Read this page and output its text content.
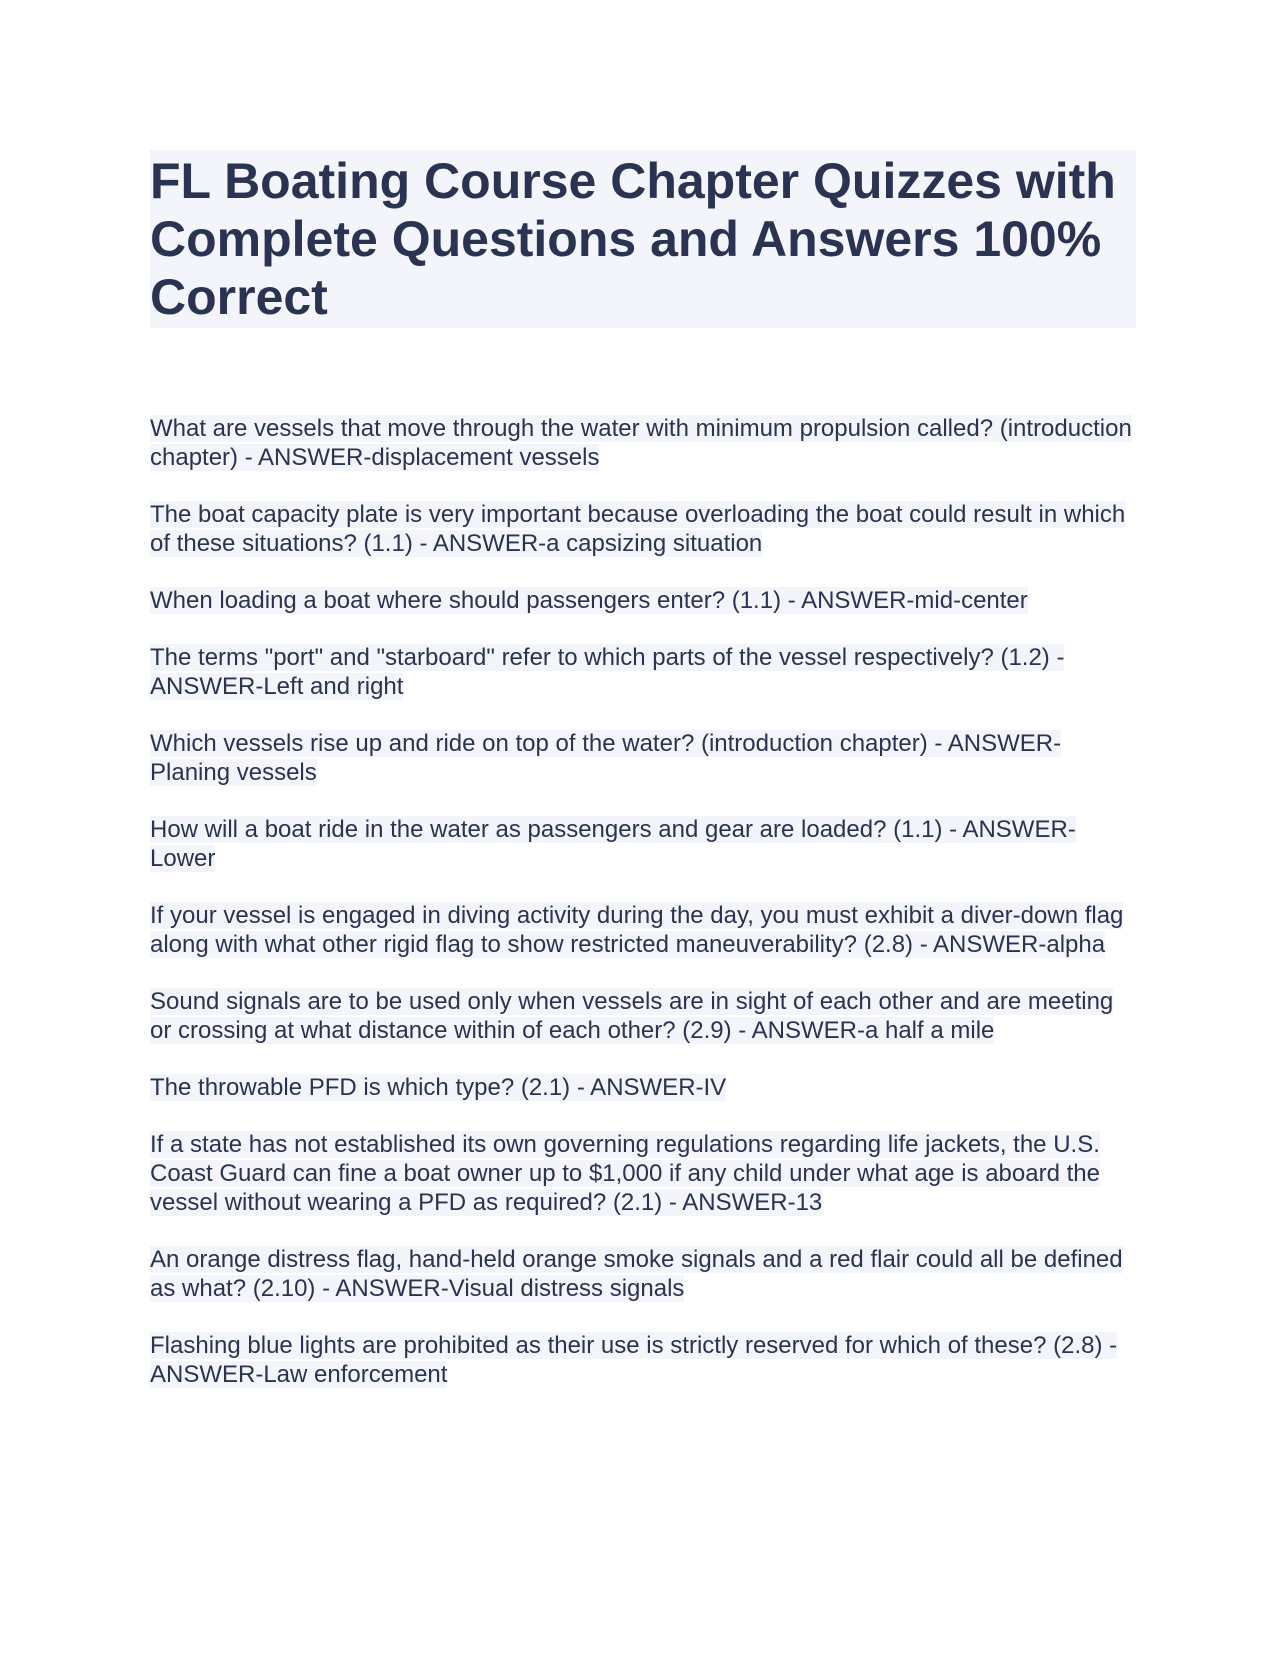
FL Boating Course Chapter Quizzes with Complete Questions and Answers 100% Correct

What are vessels that move through the water with minimum propulsion called? (introduction chapter) - ANSWER-displacement vessels

The boat capacity plate is very important because overloading the boat could result in which of these situations? (1.1) - ANSWER-a capsizing situation

When loading a boat where should passengers enter? (1.1) - ANSWER-mid-center

The terms "port" and "starboard" refer to which parts of the vessel respectively? (1.2) - ANSWER-Left and right

Which vessels rise up and ride on top of the water? (introduction chapter) - ANSWER-Planing vessels

How will a boat ride in the water as passengers and gear are loaded? (1.1) - ANSWER-Lower

If your vessel is engaged in diving activity during the day, you must exhibit a diver-down flag along with what other rigid flag to show restricted maneuverability? (2.8) - ANSWER-alpha

Sound signals are to be used only when vessels are in sight of each other and are meeting or crossing at what distance within of each other? (2.9) - ANSWER-a half a mile

The throwable PFD is which type? (2.1) - ANSWER-IV

If a state has not established its own governing regulations regarding life jackets, the U.S. Coast Guard can fine a boat owner up to $1,000 if any child under what age is aboard the vessel without wearing a PFD as required? (2.1) - ANSWER-13

An orange distress flag, hand-held orange smoke signals and a red flair could all be defined as what? (2.10) - ANSWER-Visual distress signals

Flashing blue lights are prohibited as their use is strictly reserved for which of these? (2.8) - ANSWER-Law enforcement
